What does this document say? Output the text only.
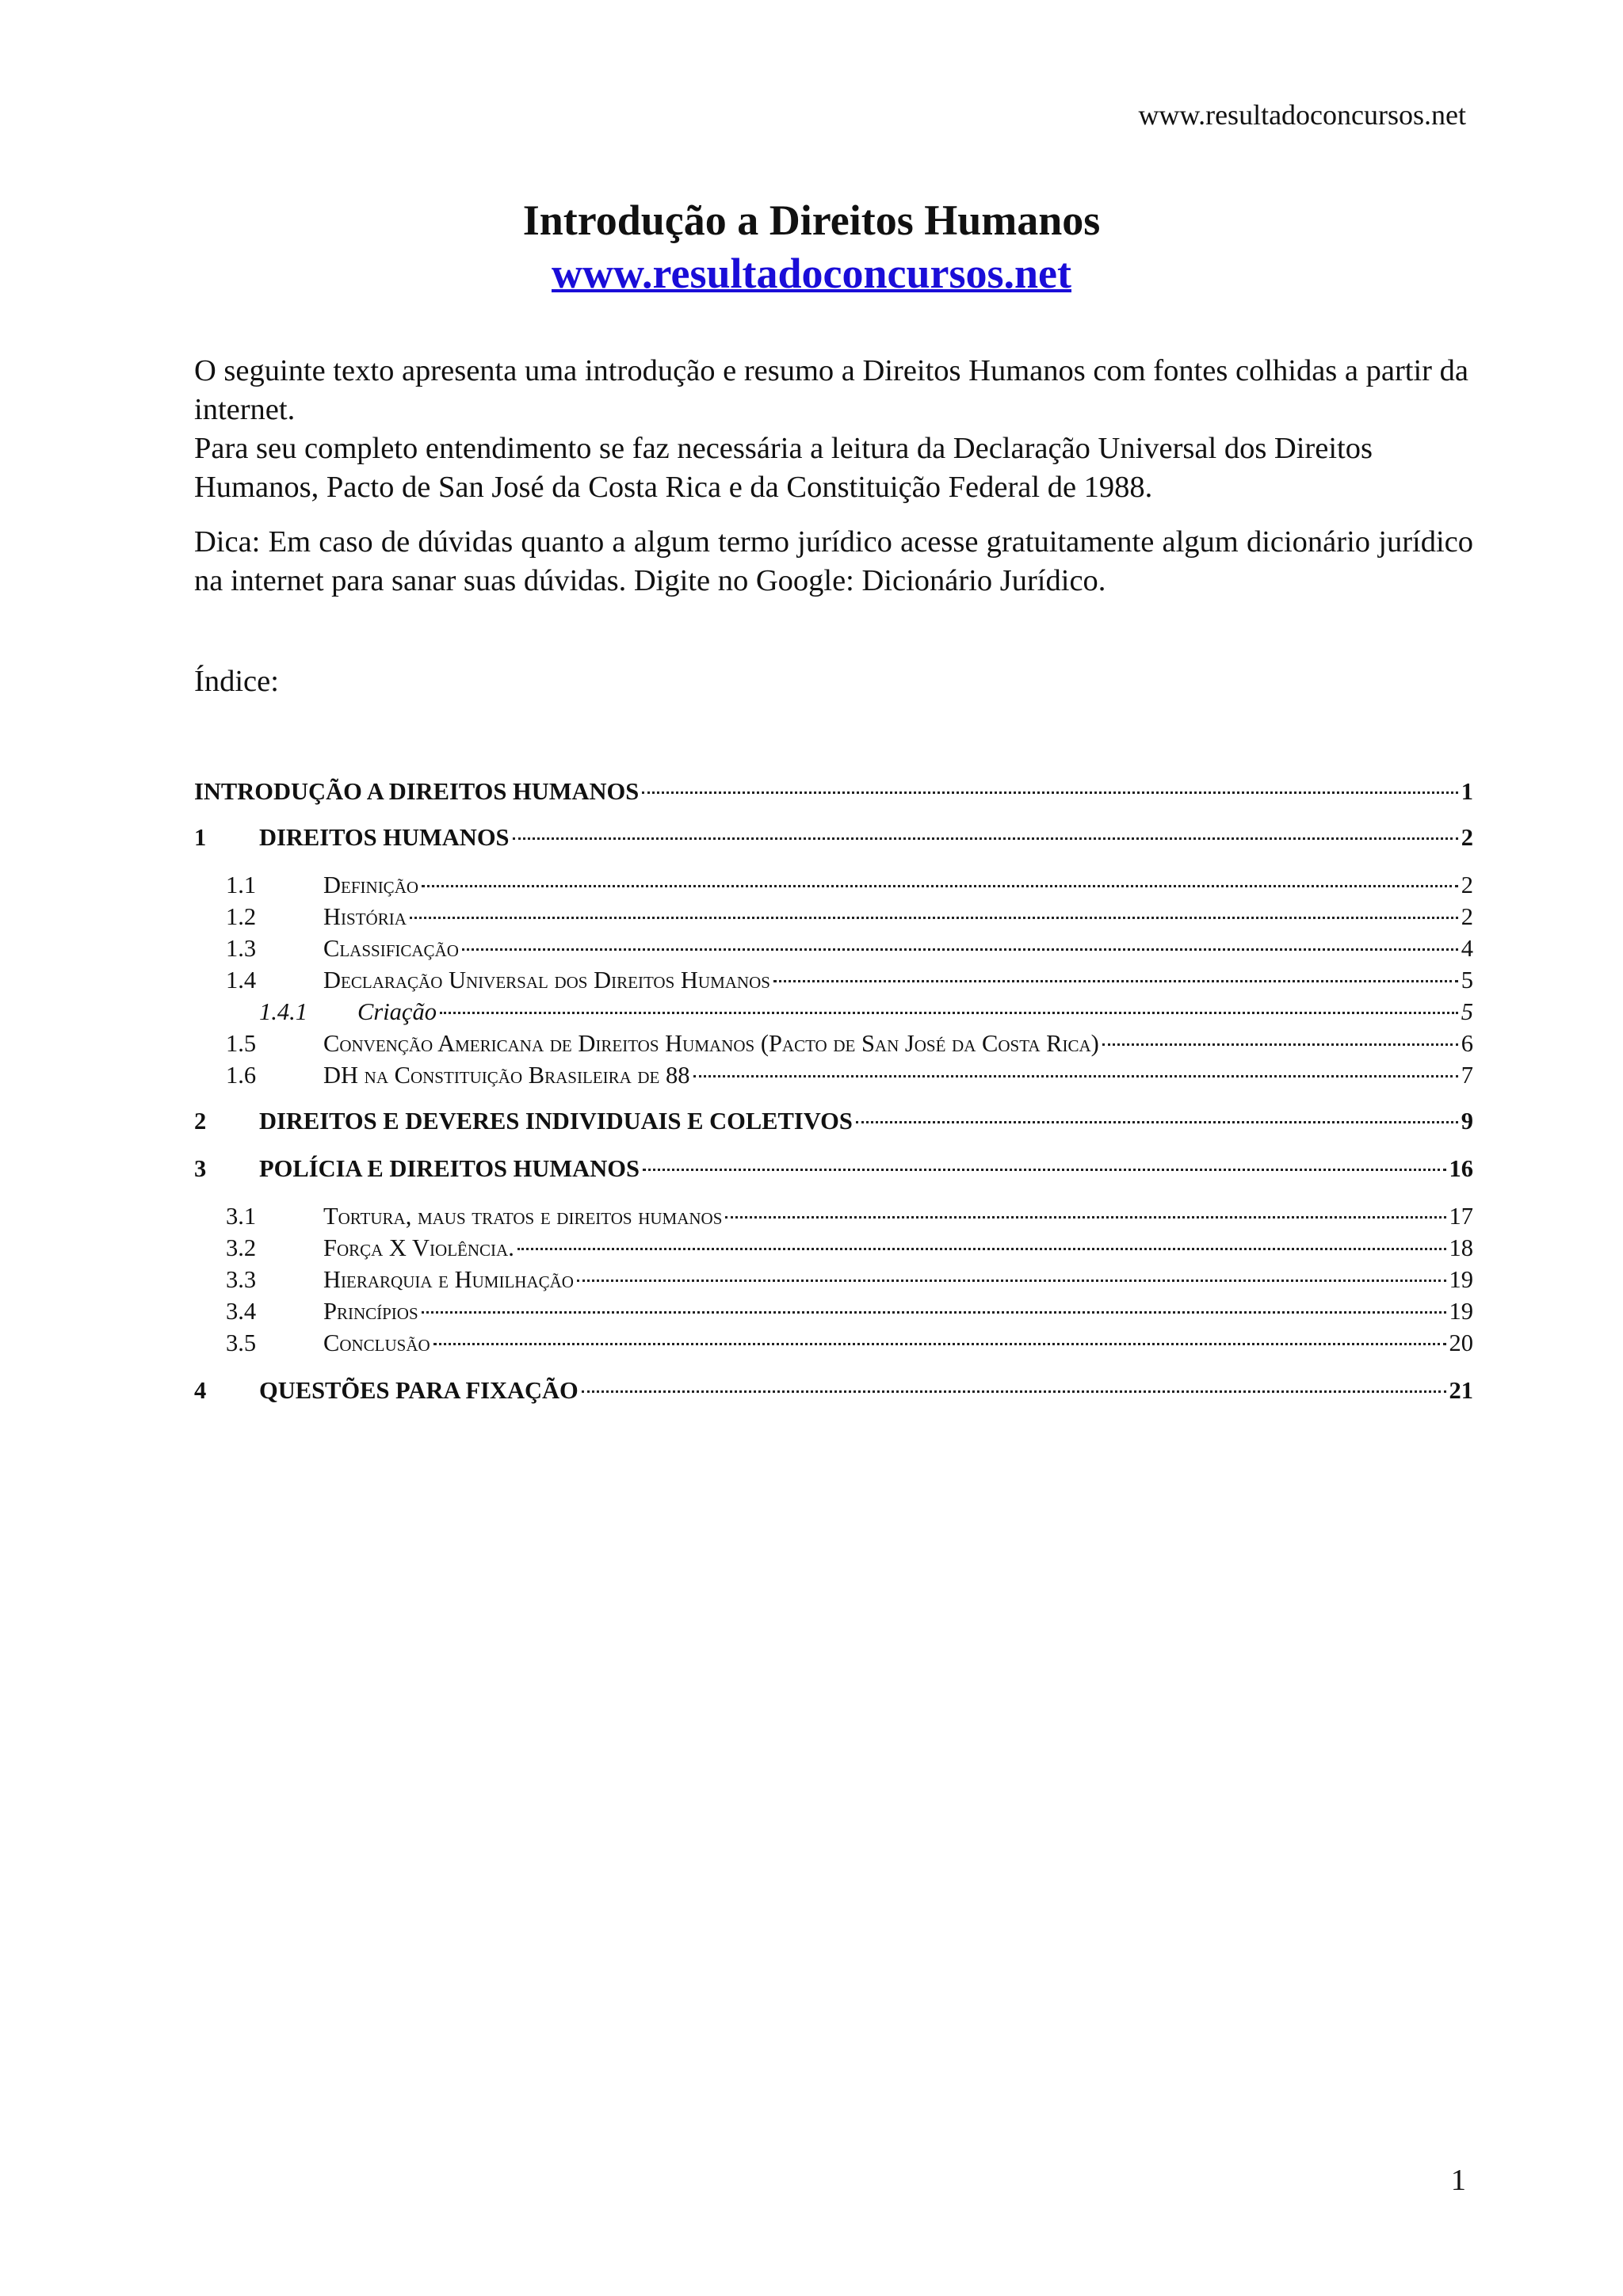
www.resultadoconcursos.net
Introdução a Direitos Humanos
www.resultadoconcursos.net

O seguinte texto apresenta uma introdução e resumo a Direitos Humanos com fontes colhidas a partir da internet.

Para seu completo entendimento se faz necessária a leitura da Declaração Universal dos Direitos Humanos, Pacto de San José da Costa Rica e da Constituição Federal de 1988.

Dica: Em caso de dúvidas quanto a algum termo jurídico acesse gratuitamente algum dicionário jurídico na internet para sanar suas dúvidas. Digite no Google: Dicionário Jurídico.

Índice:
INTRODUÇÃO A DIREITOS HUMANOS	1
1	DIREITOS HUMANOS	2
1.1	Definição	2
1.2	História	2
1.3	Classificação	4
1.4	Declaração Universal dos Direitos Humanos	5
1.4.1	Criação	5
1.5	Convenção Americana de Direitos Humanos (Pacto de San José da Costa Rica)	6
1.6	DH na Constituição Brasileira de 88	7
2	DIREITOS E DEVERES INDIVIDUAIS E COLETIVOS	9
3	POLÍCIA E DIREITOS HUMANOS	16
3.1	Tortura, maus tratos e direitos humanos	17
3.2	Força X Violência.	18
3.3	Hierarquia e Humilhação	19
3.4	Princípios	19
3.5	Conclusão	20
4	QUESTÕES PARA FIXAÇÃO	21
1
